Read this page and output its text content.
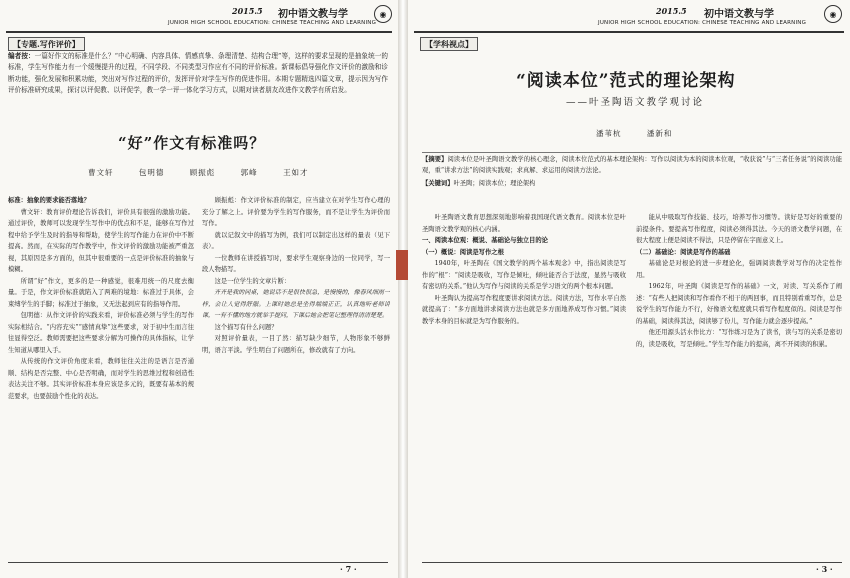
2015.5 初中语文教与学	◉
JUNIOR HIGH SCHOOL EDUCATION: CHINESE TEACHING AND LEARNING
【专题.写作评价】
编者按：一篇好作文的标准是什么？“中心明确、内容具体、情感真挚、条理清楚、结构合理”等，这样的要求呈现的是抽象统一的标准，学生写作能力有一个缓慢提升的过程，不同学段、不同类型习作应有不同的评价标准。新课标倡导强化作文评价的激励和诊断功能，强化发展和积累功能，突出对写作过程的评价，发挥评价对学生写作的促进作用。本期专题精选四篇文章，提示因为写作评价标准研究成果，探讨以评促教、以评促学，教一学一评一体化学习方式，以期对读者朋友改进作文教学有所启发。
“好”作文有标准吗？
曹文轩	包明德	顾振彪	郭峰	王如才

标准：抽象的要求能否落地？

曹文轩：教育评价理论告诉我们，评价具有很强的激励功能。通过评价，教师可以发现学生写作中的优点和不足，能够在写作过程中给予学生及时的指导和帮助，使学生的写作能力在评价中不断提高。然而，在实际的写作教学中，作文评价的激励功能被严重忽视，其原因是多方面的，但其中很重要的一点是评价标准的抽象与模糊。

所谓“好”作文，更多的是一种感觉，很难用统一的尺度去衡量。于是，作文评价标准就陷入了两难的境地：标准过于具体，会束缚学生的手脚；标准过于抽象，又无法起到应有的指导作用。

包明德：从作文评价的实践来看，评价标准必须与学生的写作实际相结合。“内容充实”“感情真挚”这些要求，对于初中生而言往往显得空泛。教师需要把这些要求分解为可操作的具体指标，让学生知道从哪里入手。

从传统的作文评价角度来看，教师往往关注的是语言是否通顺、结构是否完整、中心是否明确，而对学生的思维过程和创造性表达关注不够。其实评价标准本身应该是多元的，既要有基本的规范要求，也要鼓励个性化的表达。

顾振彪：作文评价标准的制定，应当建立在对学生写作心理的充分了解之上。评价要为学生的写作服务，而不是让学生为评价而写作。

就以记叙文中的描写为例，我们可以制定出这样的量表（见下表）。

一位教师在讲授描写时，要求学生观察身边的一位同学，写一段人物描写。

这是一位学生的文章片断：

齐齐是我的同桌，她说话不是很快很急，是慢慢的，像春风细雨一样，会让人觉得舒服。上课时她总是坐得端端正正，认真地听老师讲课，一有不懂的地方就举手提问，下课后她会把笔记整理得清清楚楚。

这个描写有什么问题？

对照评价量表，一目了然：描写缺少细节，人物形象不够鲜明，语言平淡。学生明白了问题所在，修改就有了方向。

· 7 ·
2015.5 初中语文教与学	◉
JUNIOR HIGH SCHOOL EDUCATION: CHINESE TEACHING AND LEARNING
【学科视点】
“阅读本位”范式的理论架构
——叶圣陶语文教学观讨论
潘苇杭	潘新和
【摘要】阅读本位是叶圣陶语文教学的核心理念，阅读本位范式的基本理论架构：写作以阅读为本的阅读本位观，“收获说”与“三者任务说”的阅读功能观，重“讲求方法”的阅读实践观；求真解、求运用的阅读方法论。
【关键词】叶圣陶；阅读本位；理论架构

叶圣陶语文教育思想深刻地影响着我国现代语文教育。阅读本位是叶圣陶语文教学观的核心内涵。

一、阅读本位观：概说、基础论与独立目的论

（一）概说：阅读是写作之根

1940年，叶圣陶在《国文教学的两个基本观念》中，指出阅读是写作的“根”：“阅读是吸收，写作是倾吐，倾吐能否合于法度，显然与吸收有密切的关系。”他认为写作与阅读的关系是学习语文的两个根本问题。

叶圣陶认为提高写作程度要讲求阅读方法。阅读方法，写作水平自然就提高了：“多方面地讲求阅读方法也就是多方面地养成写作习惯。”阅读教学本身的目标就是为写作服务的。

能从中吸取写作技能、技巧，培养写作习惯等。读好是写好的重要的前提条件。要提高写作程度，阅读必须得其法。今天的语文教学问题，在很大程度上便是阅读不得法，只是停留在字面意义上。

（二）基础论：阅读是写作的基础

基础论是对根论的进一步理论化，强调阅读教学对写作的决定性作用。

1962年，叶圣陶《阅读是写作的基础》一文，对读、写关系作了阐述：“有些人把阅读和写作看作不相干的两回事，而且特别看重写作，总是说学生的写作能力不行，好像语文程度就只看写作程度似的。阅读是写作的基础，阅读得其法，阅读够了份儿，写作能力就会逐步提高。”

他还用源头活水作比方：“写作练习是为了读书，读与写的关系是密切的，读是吸收，写是倾吐。”学生写作能力的提高，离不开阅读的积累。

· 3 ·
